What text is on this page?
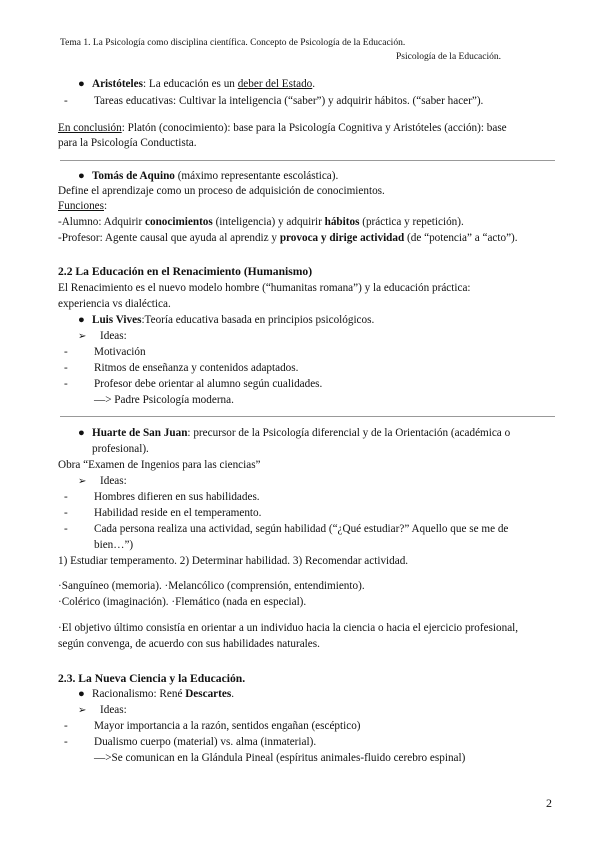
Tema 1. La Psicología como disciplina científica. Concepto de Psicología de la Educación.
Psicología de la Educación.
● Aristóteles: La educación es un deber del Estado.
- Tareas educativas: Cultivar la inteligencia (“saber”) y adquirir hábitos. (“saber hacer”).
En conclusión: Platón (conocimiento): base para la Psicología Cognitiva y Aristóteles (acción): base
para la Psicología Conductista.
● Tomás de Aquino (máximo representante escolástica).
Define el aprendizaje como un proceso de adquisición de conocimientos.
Funciones:
-Alumno: Adquirir conocimientos (inteligencia) y adquirir hábitos (práctica y repetición).
-Profesor: Agente causal que ayuda al aprendiz y provoca y dirige actividad (de “potencia” a “acto”).
2.2 La Educación en el Renacimiento (Humanismo)
El Renacimiento es el nuevo modelo hombre (“humanitas romana”) y la educación práctica:
experiencia vs dialéctica.
● Luis Vives:Teoría educativa basada en principios psicológicos.
➢ Ideas:
- Motivación
- Ritmos de enseñanza y contenidos adaptados.
- Profesor debe orientar al alumno según cualidades.
—> Padre Psicología moderna.
● Huarte de San Juan: precursor de la Psicología diferencial y de la Orientación (académica o
profesional).
Obra “Examen de Ingenios para las ciencias”
➢ Ideas:
- Hombres difieren en sus habilidades.
- Habilidad reside en el temperamento.
- Cada persona realiza una actividad, según habilidad (“¿Qué estudiar?” Aquello que se me de
bien…”)
1) Estudiar temperamento. 2) Determinar habilidad. 3) Recomendar actividad.
·Sanguíneo (memoria). ·Melancólico (comprensión, entendimiento).
·Colérico (imaginación). ·Flemático (nada en especial).
·El objetivo último consistía en orientar a un individuo hacia la ciencia o hacia el ejercicio profesional,
según convenga, de acuerdo con sus habilidades naturales.
2.3. La Nueva Ciencia y la Educación.
● Racionalismo: René Descartes.
➢ Ideas:
- Mayor importancia a la razón, sentidos engañan (escéptico)
- Dualismo cuerpo (material) vs. alma (inmaterial).
—>Se comunican en la Glándula Pineal (espíritus animales-fluido cerebro espinal)
2
